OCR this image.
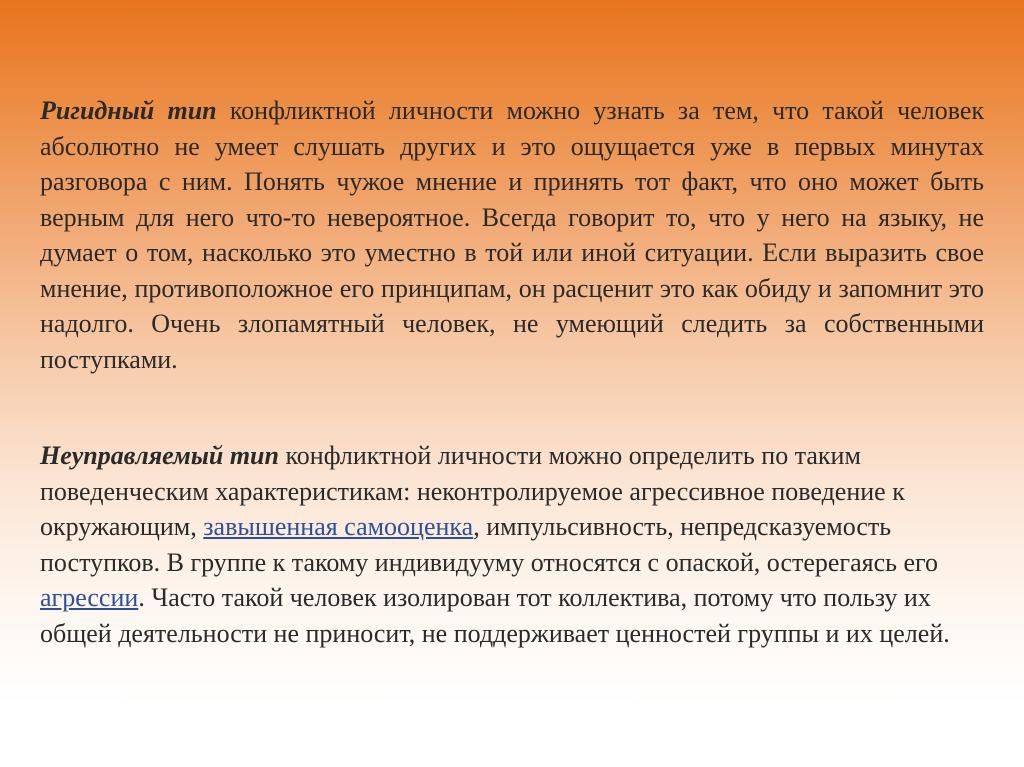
Ригидный тип конфликтной личности можно узнать за тем, что такой человек абсолютно не умеет слушать других и это ощущается уже в первых минутах разговора с ним. Понять чужое мнение и принять тот факт, что оно может быть верным для него что-то невероятное. Всегда говорит то, что у него на языку, не думает о том, насколько это уместно в той или иной ситуации. Если выразить свое мнение, противоположное его принципам, он расценит это как обиду и запомнит это надолго. Очень злопамятный человек, не умеющий следить за собственными поступками.

Неуправляемый тип конфликтной личности можно определить по таким поведенческим характеристикам: неконтролируемое агрессивное поведение к окружающим, завышенная самооценка, импульсивность, непредсказуемость поступков. В группе к такому индивидууму относятся с опаской, остерегаясь его агрессии. Часто такой человек изолирован тот коллектива, потому что пользу их общей деятельности не приносит, не поддерживает ценностей группы и их целей.
